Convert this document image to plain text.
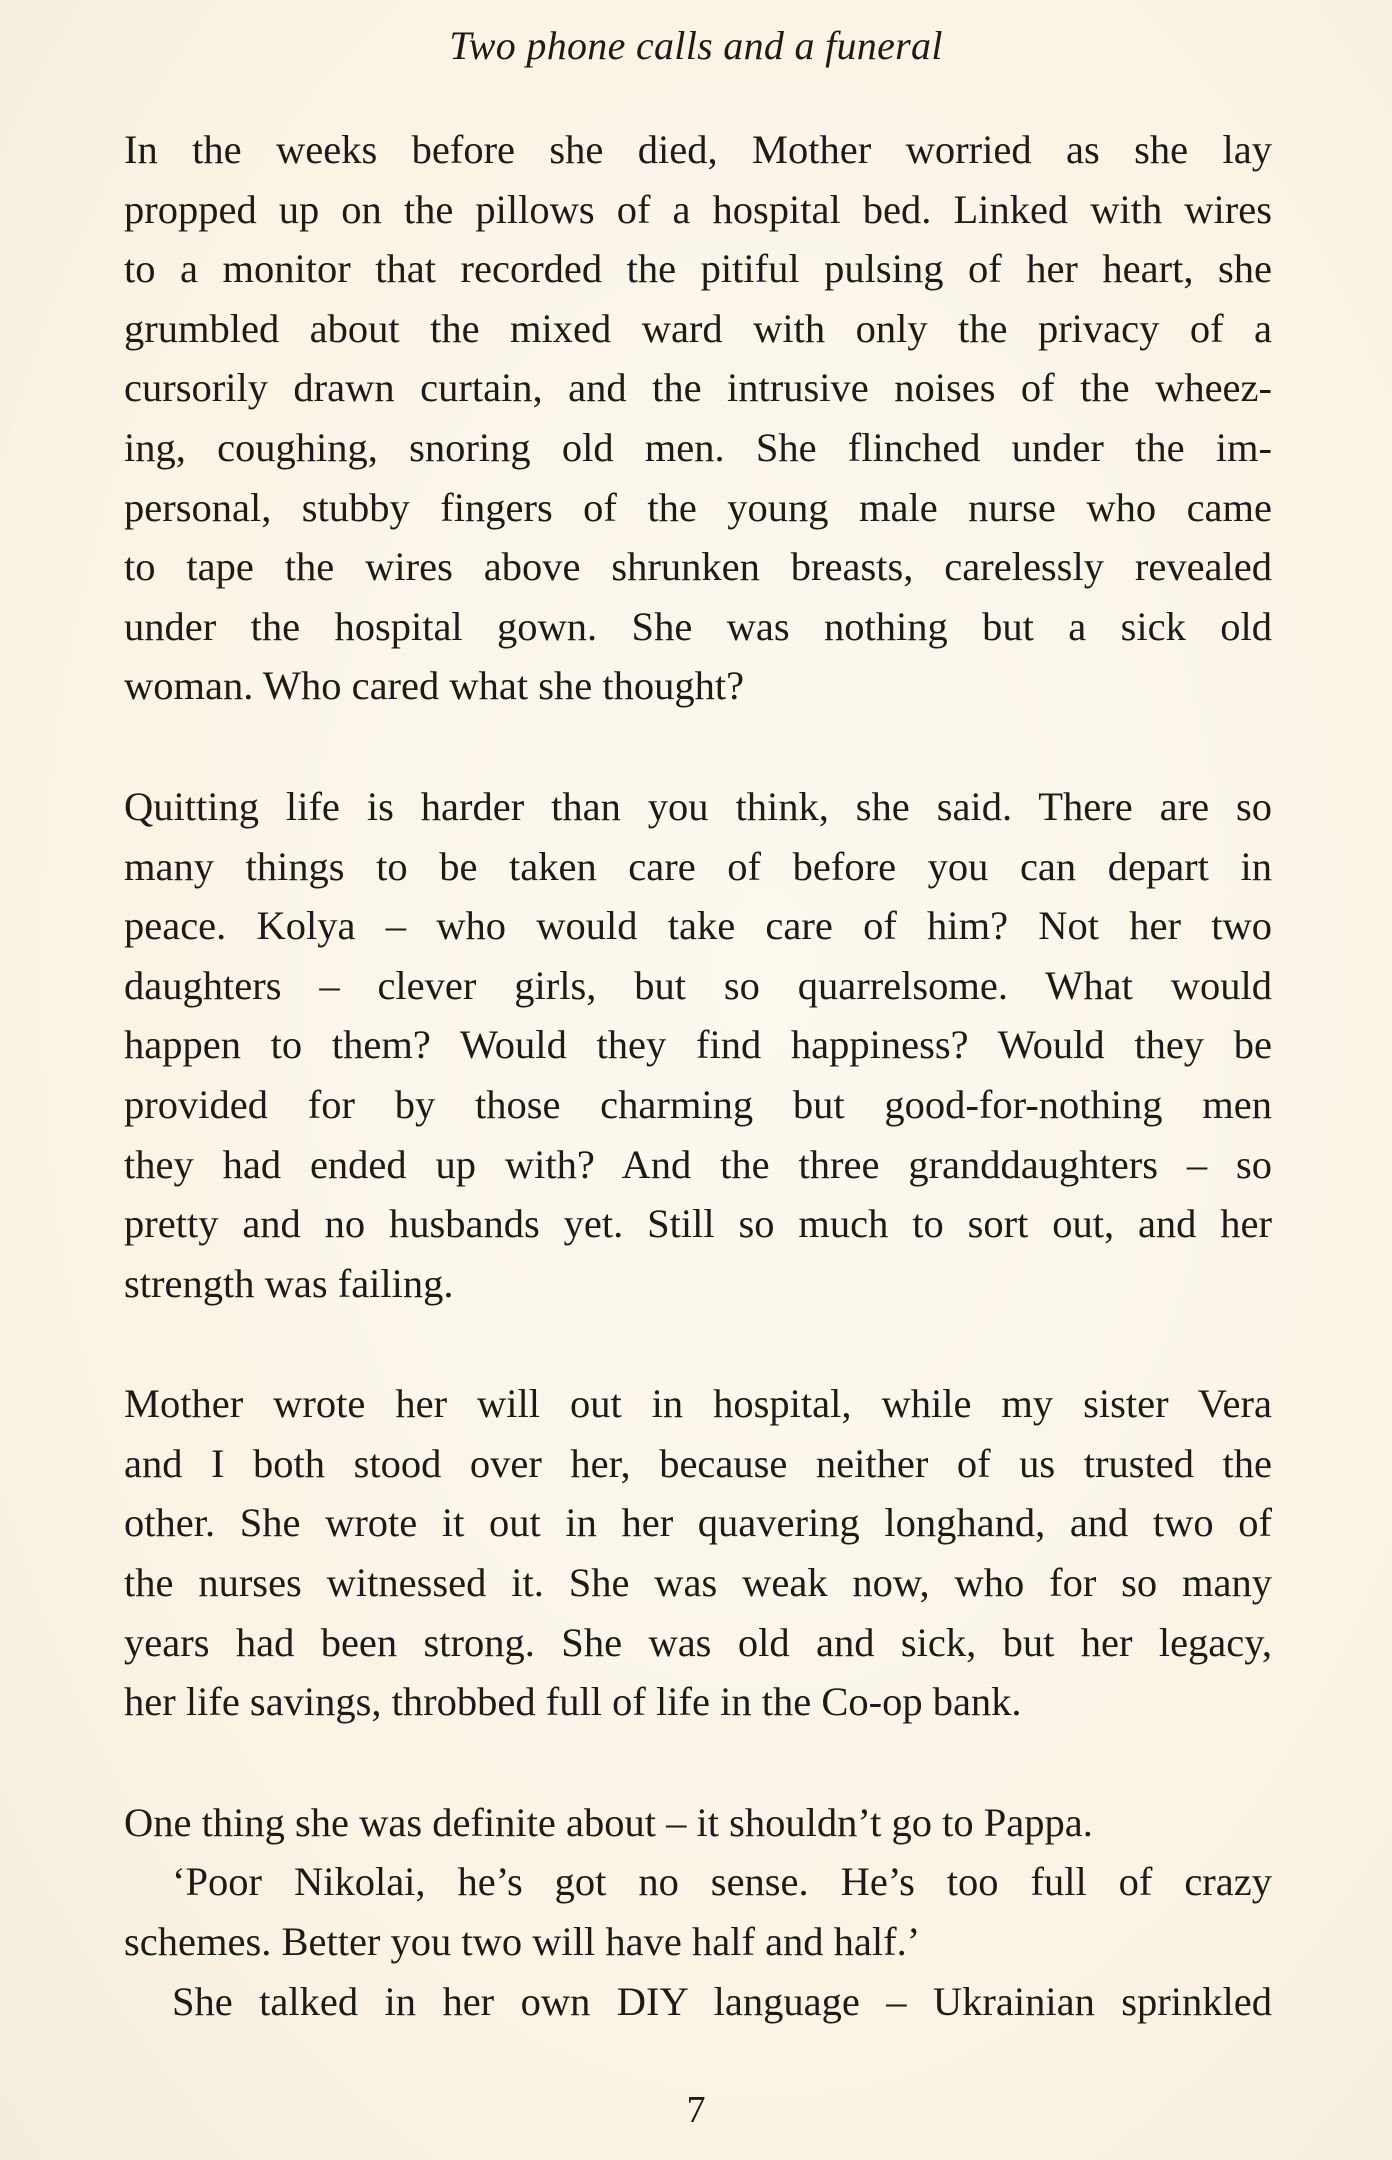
Two phone calls and a funeral
In the weeks before she died, Mother worried as she lay
propped up on the pillows of a hospital bed. Linked with wires
to a monitor that recorded the pitiful pulsing of her heart, she
grumbled about the mixed ward with only the privacy of a
cursorily drawn curtain, and the intrusive noises of the wheez-
ing, coughing, snoring old men. She flinched under the im-
personal, stubby fingers of the young male nurse who came
to tape the wires above shrunken breasts, carelessly revealed
under the hospital gown. She was nothing but a sick old
woman. Who cared what she thought?
Quitting life is harder than you think, she said. There are so
many things to be taken care of before you can depart in
peace. Kolya – who would take care of him? Not her two
daughters – clever girls, but so quarrelsome. What would
happen to them? Would they find happiness? Would they be
provided for by those charming but good-for-nothing men
they had ended up with? And the three granddaughters – so
pretty and no husbands yet. Still so much to sort out, and her
strength was failing.
Mother wrote her will out in hospital, while my sister Vera
and I both stood over her, because neither of us trusted the
other. She wrote it out in her quavering longhand, and two of
the nurses witnessed it. She was weak now, who for so many
years had been strong. She was old and sick, but her legacy,
her life savings, throbbed full of life in the Co-op bank.
One thing she was definite about – it shouldn’t go to Pappa.
‘Poor Nikolai, he’s got no sense. He’s too full of crazy
schemes. Better you two will have half and half.’
She talked in her own DIY language – Ukrainian sprinkled
7
